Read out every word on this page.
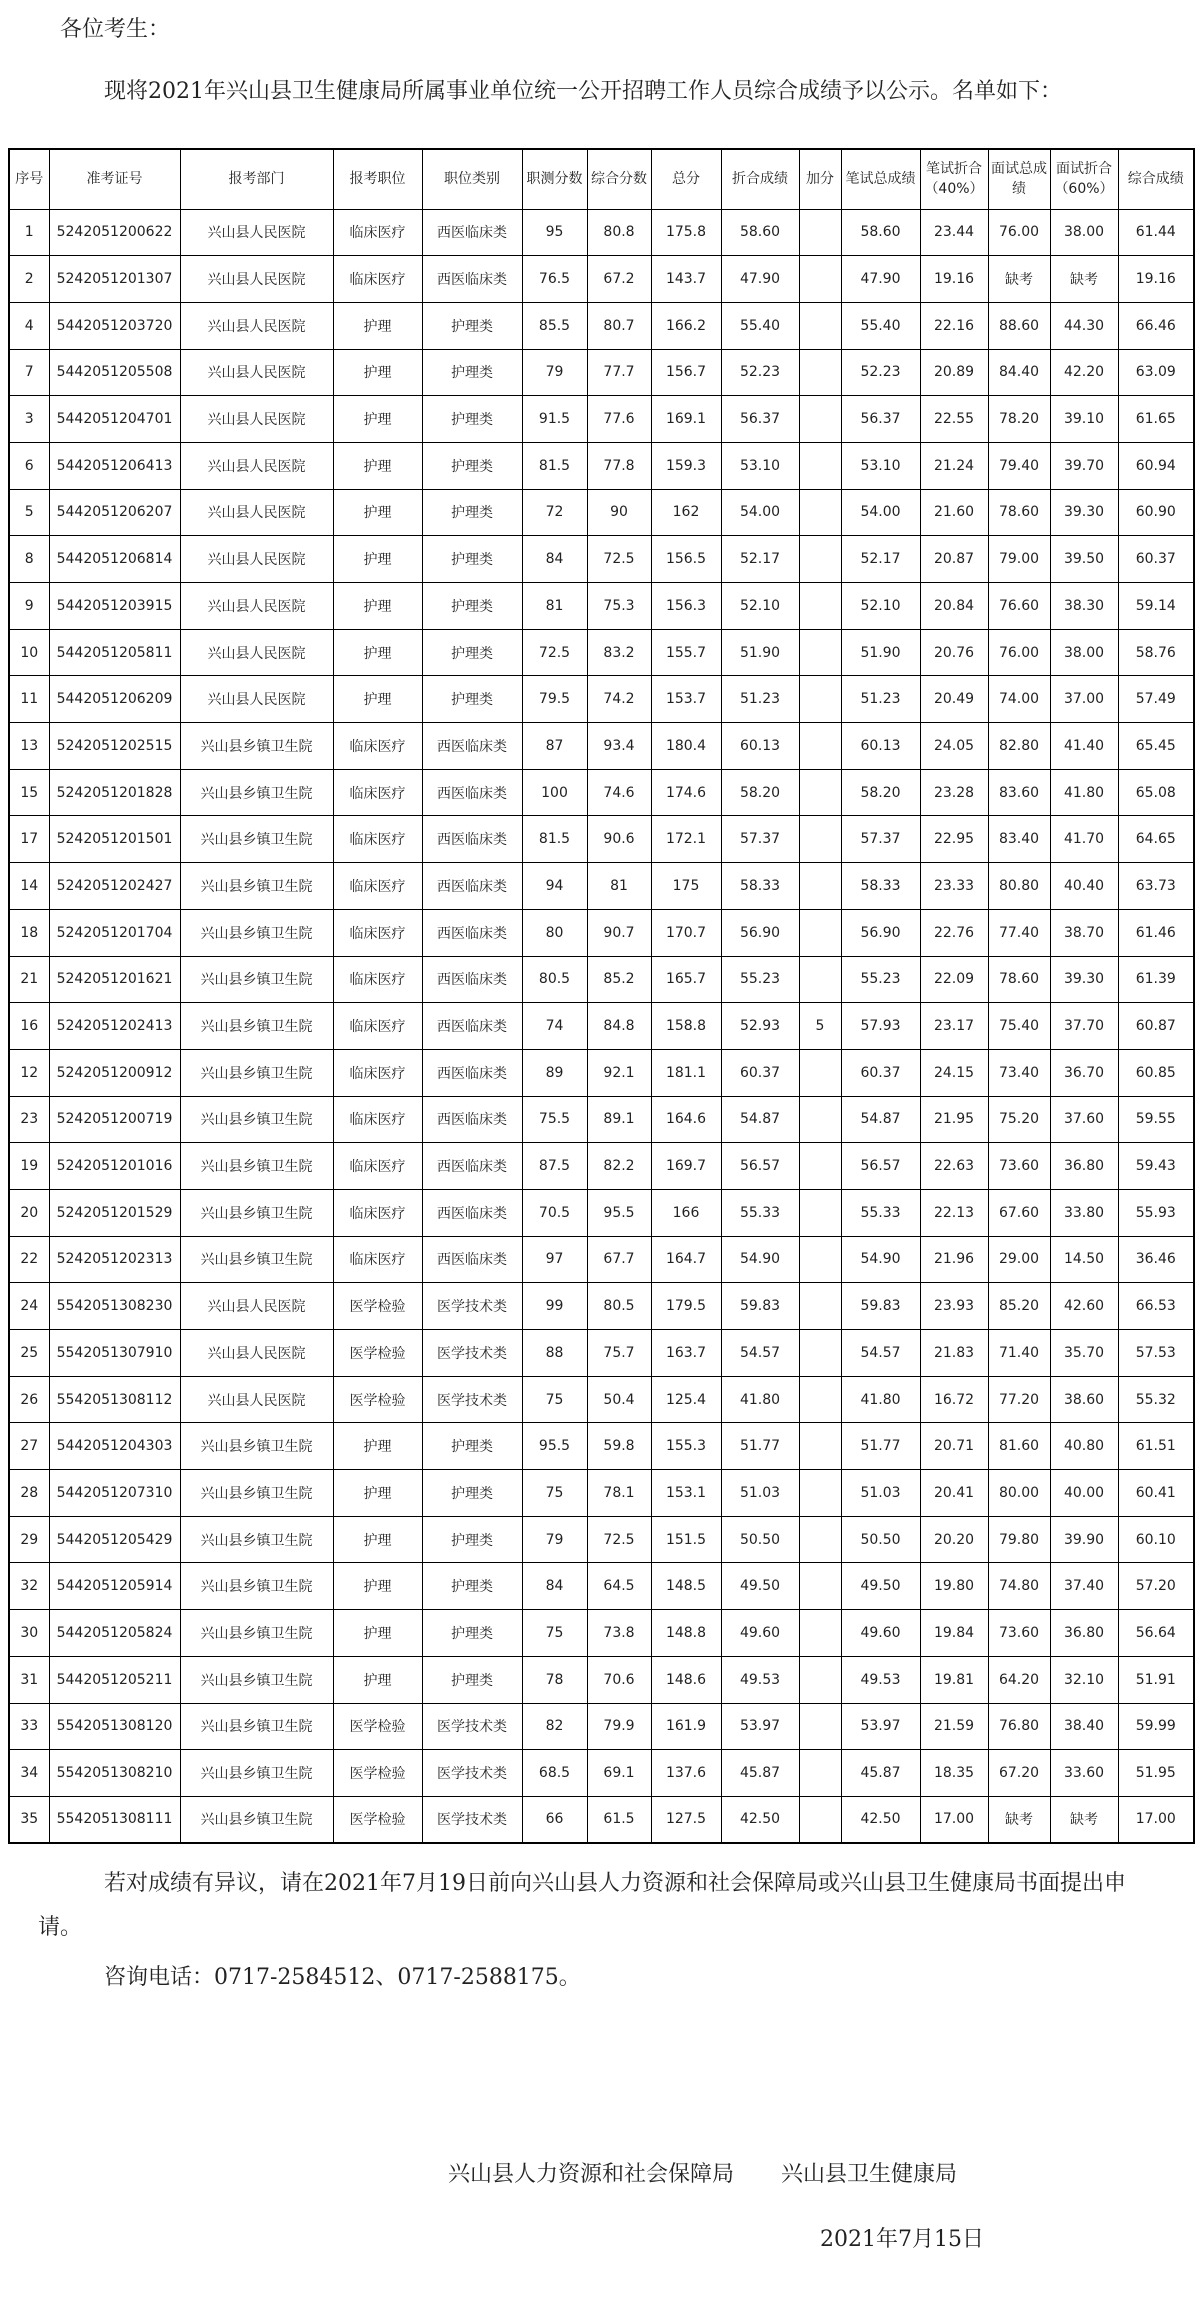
各位考生：
现将2021年兴山县卫生健康局所属事业单位统一公开招聘工作人员综合成绩予以公示。名单如下：
序号	准考证号	报考部门	报考职位	职位类别	职测分数	综合分数	总分	折合成绩	加分	笔试总成绩	笔试折合（40%）	面试总成绩	面试折合（60%）	综合成绩
1	5242051200622	兴山县人民医院	临床医疗	西医临床类	95	80.8	175.8	58.60		58.60	23.44	76.00	38.00	61.44
2	5242051201307	兴山县人民医院	临床医疗	西医临床类	76.5	67.2	143.7	47.90		47.90	19.16	缺考	缺考	19.16
4	5442051203720	兴山县人民医院	护理	护理类	85.5	80.7	166.2	55.40		55.40	22.16	88.60	44.30	66.46
7	5442051205508	兴山县人民医院	护理	护理类	79	77.7	156.7	52.23		52.23	20.89	84.40	42.20	63.09
3	5442051204701	兴山县人民医院	护理	护理类	91.5	77.6	169.1	56.37		56.37	22.55	78.20	39.10	61.65
6	5442051206413	兴山县人民医院	护理	护理类	81.5	77.8	159.3	53.10		53.10	21.24	79.40	39.70	60.94
5	5442051206207	兴山县人民医院	护理	护理类	72	90	162	54.00		54.00	21.60	78.60	39.30	60.90
8	5442051206814	兴山县人民医院	护理	护理类	84	72.5	156.5	52.17		52.17	20.87	79.00	39.50	60.37
9	5442051203915	兴山县人民医院	护理	护理类	81	75.3	156.3	52.10		52.10	20.84	76.60	38.30	59.14
10	5442051205811	兴山县人民医院	护理	护理类	72.5	83.2	155.7	51.90		51.90	20.76	76.00	38.00	58.76
11	5442051206209	兴山县人民医院	护理	护理类	79.5	74.2	153.7	51.23		51.23	20.49	74.00	37.00	57.49
13	5242051202515	兴山县乡镇卫生院	临床医疗	西医临床类	87	93.4	180.4	60.13		60.13	24.05	82.80	41.40	65.45
15	5242051201828	兴山县乡镇卫生院	临床医疗	西医临床类	100	74.6	174.6	58.20		58.20	23.28	83.60	41.80	65.08
17	5242051201501	兴山县乡镇卫生院	临床医疗	西医临床类	81.5	90.6	172.1	57.37		57.37	22.95	83.40	41.70	64.65
14	5242051202427	兴山县乡镇卫生院	临床医疗	西医临床类	94	81	175	58.33		58.33	23.33	80.80	40.40	63.73
18	5242051201704	兴山县乡镇卫生院	临床医疗	西医临床类	80	90.7	170.7	56.90		56.90	22.76	77.40	38.70	61.46
21	5242051201621	兴山县乡镇卫生院	临床医疗	西医临床类	80.5	85.2	165.7	55.23		55.23	22.09	78.60	39.30	61.39
16	5242051202413	兴山县乡镇卫生院	临床医疗	西医临床类	74	84.8	158.8	52.93	5	57.93	23.17	75.40	37.70	60.87
12	5242051200912	兴山县乡镇卫生院	临床医疗	西医临床类	89	92.1	181.1	60.37		60.37	24.15	73.40	36.70	60.85
23	5242051200719	兴山县乡镇卫生院	临床医疗	西医临床类	75.5	89.1	164.6	54.87		54.87	21.95	75.20	37.60	59.55
19	5242051201016	兴山县乡镇卫生院	临床医疗	西医临床类	87.5	82.2	169.7	56.57		56.57	22.63	73.60	36.80	59.43
20	5242051201529	兴山县乡镇卫生院	临床医疗	西医临床类	70.5	95.5	166	55.33		55.33	22.13	67.60	33.80	55.93
22	5242051202313	兴山县乡镇卫生院	临床医疗	西医临床类	97	67.7	164.7	54.90		54.90	21.96	29.00	14.50	36.46
24	5542051308230	兴山县人民医院	医学检验	医学技术类	99	80.5	179.5	59.83		59.83	23.93	85.20	42.60	66.53
25	5542051307910	兴山县人民医院	医学检验	医学技术类	88	75.7	163.7	54.57		54.57	21.83	71.40	35.70	57.53
26	5542051308112	兴山县人民医院	医学检验	医学技术类	75	50.4	125.4	41.80		41.80	16.72	77.20	38.60	55.32
27	5442051204303	兴山县乡镇卫生院	护理	护理类	95.5	59.8	155.3	51.77		51.77	20.71	81.60	40.80	61.51
28	5442051207310	兴山县乡镇卫生院	护理	护理类	75	78.1	153.1	51.03		51.03	20.41	80.00	40.00	60.41
29	5442051205429	兴山县乡镇卫生院	护理	护理类	79	72.5	151.5	50.50		50.50	20.20	79.80	39.90	60.10
32	5442051205914	兴山县乡镇卫生院	护理	护理类	84	64.5	148.5	49.50		49.50	19.80	74.80	37.40	57.20
30	5442051205824	兴山县乡镇卫生院	护理	护理类	75	73.8	148.8	49.60		49.60	19.84	73.60	36.80	56.64
31	5442051205211	兴山县乡镇卫生院	护理	护理类	78	70.6	148.6	49.53		49.53	19.81	64.20	32.10	51.91
33	5542051308120	兴山县乡镇卫生院	医学检验	医学技术类	82	79.9	161.9	53.97		53.97	21.59	76.80	38.40	59.99
34	5542051308210	兴山县乡镇卫生院	医学检验	医学技术类	68.5	69.1	137.6	45.87		45.87	18.35	67.20	33.60	51.95
35	5542051308111	兴山县乡镇卫生院	医学检验	医学技术类	66	61.5	127.5	42.50		42.50	17.00	缺考	缺考	17.00
若对成绩有异议，请在2021年7月19日前向兴山县人力资源和社会保障局或兴山县卫生健康局书面提出申请。
咨询电话：0717-2584512、0717-2588175。
兴山县人力资源和社会保障局 兴山县卫生健康局
2021年7月15日
